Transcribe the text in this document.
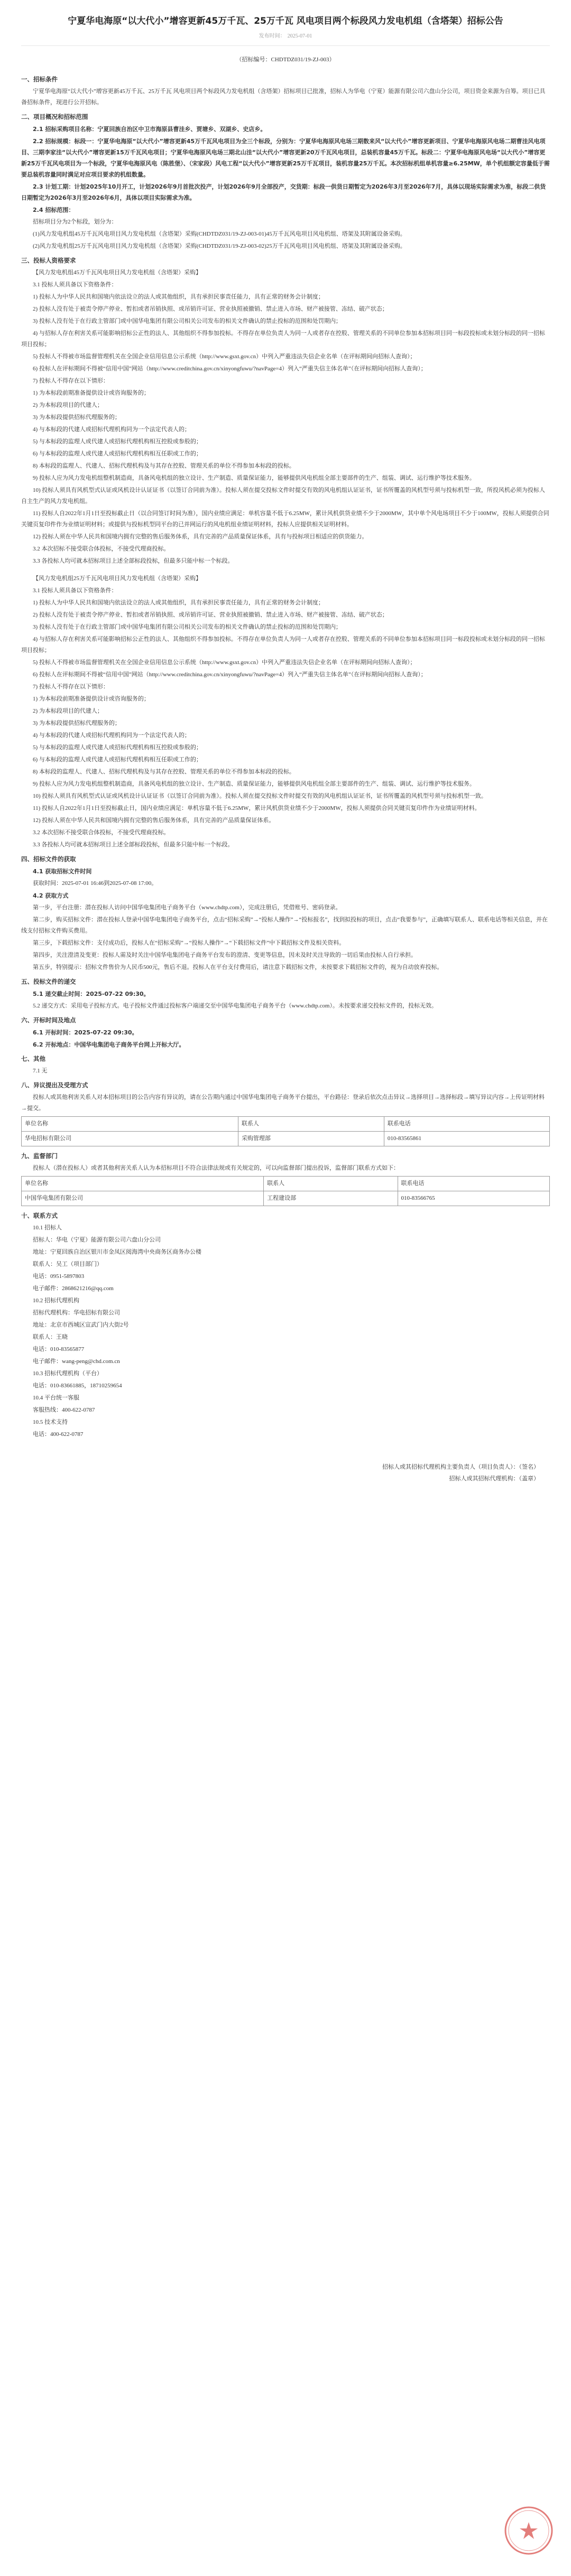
宁夏华电海原“以大代小”增容更新45万千瓦、25万千瓦 风电项目两个标段风力发电机组（含塔架）招标公告
发布时间： 2025-07-01
（招标编号：CHDTDZ031/19-ZJ-003）
一、招标条件

宁夏华电海原“以大代小”增容更新45万千瓦、25万千瓦 风电项目两个标段风力发电机组（含塔架）招标项目已批准，招标人为华电（宁夏）能源有限公司六盘山分公司，项目资金来源为自筹。项目已具备招标条件，现进行公开招标。

二、项目概况和招标范围

2.1 招标采购项目名称：宁夏回族自治区中卫市海原县曹洼乡、贾塘乡、双湖乡、史店乡。

2.2 招标规模：标段一：宁夏华电海原“以大代小”增容更新45万千瓦风电项目为全三个标段，分别为：宁夏华电海原风电场三期数来风“以大代小”增容更新项目、宁夏华电海原风电场二期曹洼风电项目、三期李家洼“以大代小”增容更新15万千瓦风电项目；宁夏华电海原风电场三期北山洼“以大代小”增容更新20万千瓦风电项目，总装机容量45万千瓦。标段二：宁夏华电海原风电场“以大代小”增容更新25万千瓦风电项目为一个标段，宁夏华电海原风电（陈胜堡）、（宋家段）风电工程“以大代小”增容更新25万千瓦项目，装机容量25万千瓦。本次招标机组单机容量≥6.25MW，单个机组额定容量低于需要总装机容量同时满足对应项目要求的机组数量。

2.3 计划工期：计划2025年10月开工，计划2026年9月首批次投产，计划2026年9月全部投产，交货期：标段一供货日期暂定为2026年3月至2026年7月，具体以现场实际需求为准，标段二供货日期暂定为2026年3月至2026年6月，具体以项目实际需求为准。

2.4 招标范围：

招标项目分为2个标段，划分为：

(1)风力发电机组45万千瓦风电项目风力发电机组（含塔架）采购(CHDTDZ031/19-ZJ-003-01)45万千瓦风电项目风电机组、塔架及其附属设备采购。

(2)风力发电机组25万千瓦风电项目风力发电机组（含塔架）采购(CHDTDZ031/19-ZJ-003-02)25万千瓦风电项目风电机组、塔架及其附属设备采购。

三、投标人资格要求

【风力发电机组45万千瓦风电项目风力发电机组（含塔架）采购】

3.1 投标人须具备以下资格条件：

1) 投标人为中华人民共和国境内依法设立的法人或其他组织，具有承担民事责任能力，具有正常的财务会计制度；

2) 投标人没有处于被责令停产停业、暂扣或者吊销执照、或吊销许可证、营业执照被撤销、禁止进入市场、财产被接管、冻结、破产状态；

3) 投标人没有处于在行政主管部门或中国华电集团有限公司相关公司发布的相关文件确认的禁止投标的范围和处罚期内；

4) 与招标人存在利害关系可能影响招标公正性的法人、其他组织不得参加投标。不得存在单位负责人为同一人或者存在控股、管理关系的不同单位参加本招标项目同一标段投标或未划分标段的同一招标项目投标；

5) 投标人不得被市场监督管理机关在全国企业信用信息公示系统（http://www.gsxt.gov.cn）中列入严重违法失信企业名单（在评标期间向招标人查询）；

6) 投标人在评标期间不得被“信用中国”网站（http://www.creditchina.gov.cn/xinyongfuwu/?navPage=4）列入“严重失信主体名单”（在评标期间向招标人查询）；

7) 投标人不得存在以下情形：

1) 为本标段前期准备提供设计或咨询服务的；

2) 为本标段项目的代建人；

3) 为本标段提供招标代理服务的；

4) 与本标段的代建人或招标代理机构同为一个法定代表人的；

5) 与本标段的监理人或代建人或招标代理机构相互控股或参股的；

6) 与本标段的监理人或代建人或招标代理机构相互任职或工作的；

8) 本标段的监理人、代建人、招标代理机构及与其存在控股、管理关系的单位不得参加本标段的投标。

9) 投标人应为风力发电机组整机制造商，具备风电机组的独立设计、生产制造、质量保证能力，能够提供风电机组全部主要部件的生产、组装、调试、运行维护等技术服务。

10) 投标人须具有风机型式认证或风机设计认证证书（以签订合同前为准）。投标人须在提交投标文件时提交有效的风电机组认证证书，证书所覆盖的风机型号须与投标机型一致，所投风机必须为投标人自主生产的风力发电机组。

11) 投标人自2022年1月1日至投标截止日（以合同签订时间为准），国内业绩应满足：单机容量不低于6.25MW，累计风机供货业绩不少于2000MW，其中单个风电场项目不少于100MW，投标人须提供合同关键页复印件作为业绩证明材料；或提供与投标机型同平台的已并网运行的风电机组业绩证明材料，投标人应提供相关证明材料。

12) 投标人须在中华人民共和国境内拥有完整的售后服务体系，具有完善的产品质量保证体系，具有与投标项目相适应的供货能力。

3.2 本次招标不接受联合体投标，不接受代理商投标。

3.3 各投标人均可就本招标项目上述全部标段投标，但最多只能中标一个标段。

【风力发电机组25万千瓦风电项目风力发电机组（含塔架）采购】

3.1 投标人须具备以下资格条件：

1) 投标人为中华人民共和国境内依法设立的法人或其他组织，具有承担民事责任能力，具有正常的财务会计制度；

2) 投标人没有处于被责令停产停业、暂扣或者吊销执照、或吊销许可证、营业执照被撤销、禁止进入市场、财产被接管、冻结、破产状态；

3) 投标人没有处于在行政主管部门或中国华电集团有限公司相关公司发布的相关文件确认的禁止投标的范围和处罚期内；

4) 与招标人存在利害关系可能影响招标公正性的法人、其他组织不得参加投标。不得存在单位负责人为同一人或者存在控股、管理关系的不同单位参加本招标项目同一标段投标或未划分标段的同一招标项目投标；

5) 投标人不得被市场监督管理机关在全国企业信用信息公示系统（http://www.gsxt.gov.cn）中列入严重违法失信企业名单（在评标期间向招标人查询）；

6) 投标人在评标期间不得被“信用中国”网站（http://www.creditchina.gov.cn/xinyongfuwu/?navPage=4）列入“严重失信主体名单”（在评标期间向招标人查询）；

7) 投标人不得存在以下情形：

1) 为本标段前期准备提供设计或咨询服务的；

2) 为本标段项目的代建人；

3) 为本标段提供招标代理服务的；

4) 与本标段的代建人或招标代理机构同为一个法定代表人的；

5) 与本标段的监理人或代建人或招标代理机构相互控股或参股的；

6) 与本标段的监理人或代建人或招标代理机构相互任职或工作的；

8) 本标段的监理人、代建人、招标代理机构及与其存在控股、管理关系的单位不得参加本标段的投标。

9) 投标人应为风力发电机组整机制造商，具备风电机组的独立设计、生产制造、质量保证能力，能够提供风电机组全部主要部件的生产、组装、调试、运行维护等技术服务。

10) 投标人须具有风机型式认证或风机设计认证证书（以签订合同前为准）。投标人须在提交投标文件时提交有效的风电机组认证证书，证书所覆盖的风机型号须与投标机型一致。

11) 投标人自2022年1月1日至投标截止日，国内业绩应满足：单机容量不低于6.25MW，累计风机供货业绩不少于2000MW，投标人须提供合同关键页复印件作为业绩证明材料。

12) 投标人须在中华人民共和国境内拥有完整的售后服务体系，具有完善的产品质量保证体系。

3.2 本次招标不接受联合体投标，不接受代理商投标。

3.3 各投标人均可就本招标项目上述全部标段投标，但最多只能中标一个标段。

四、招标文件的获取
4.1 获取招标文件时间

获取时间：2025-07-01 16:46到2025-07-08 17:00。

4.2 获取方式

第一步，平台注册：潜在投标人访问中国华电集团电子商务平台（www.chdtp.com），完成注册后，凭借账号、密码登录。

第二步，购买招标文件：潜在投标人登录中国华电集团电子商务平台，点击“招标采购”→“投标人操作”→“投标报名”，找到拟投标的项目，点击“我要参与”，正确填写联系人、联系电话等相关信息，并在线支付招标文件购买费用。

第三步，下载招标文件：支付成功后，投标人在“招标采购”→“投标人操作”→“下载招标文件”中下载招标文件及相关资料。

第四步，关注澄清及变更：投标人需及时关注中国华电集团电子商务平台发布的澄清、变更等信息，因未及时关注导致的一切后果由投标人自行承担。

第五步，特别提示：招标文件售价为人民币500元，售后不退。投标人在平台支付费用后，请注意下载招标文件，未按要求下载招标文件的，视为自动放弃投标。

五、投标文件的递交

5.1 递交截止时间：2025-07-22 09:30。

5.2 递交方式：采用电子投标方式。电子投标文件通过投标客户端递交至中国华电集团电子商务平台（www.chdtp.com）。未按要求递交投标文件的，投标无效。

六、开标时间及地点

6.1 开标时间：2025-07-22 09:30。

6.2 开标地点：中国华电集团电子商务平台网上开标大厅。

七、其他

7.1 无

八、异议提出及受理方式

投标人或其他利害关系人对本招标项目的公告内容有异议的，请在公告期内通过中国华电集团电子商务平台提出，平台路径：登录后依次点击异议→选择项目→选择标段→填写异议内容→上传证明材料→提交。

单位名称	联系人	联系电话
华电招标有限公司	采购管理部	010-83565861
九、监督部门

投标人（潜在投标人）或者其他利害关系人认为本招标项目不符合法律法规或有关规定的，可以向监督部门提出投诉，监督部门联系方式如下：

单位名称	联系人	联系电话
中国华电集团有限公司	工程建设部	010-83566765
十、联系方式

10.1 招标人

招标人：华电（宁夏）能源有限公司六盘山分公司

地址：宁夏回族自治区银川市金凤区阅海湾中央商务区商务办公楼

联系人：吴工（项目部门）

电话：0951-5897803

电子邮件：2868621216@qq.com

10.2 招标代理机构

招标代理机构：华电招标有限公司

地址：北京市西城区宣武门内大街2号

联系人：王晓

电话：010-83565877

电子邮件：wang-peng@chd.com.cn

10.3 招标代理机构（平台）

电话：010-83661885，18710259654

10.4 平台统一客服

客服热线：400-622-0787

10.5 技术支持

电话：400-622-0787

招标人或其招标代理机构主要负责人（项目负责人）：（签名）
招标人或其招标代理机构：（盖章）
